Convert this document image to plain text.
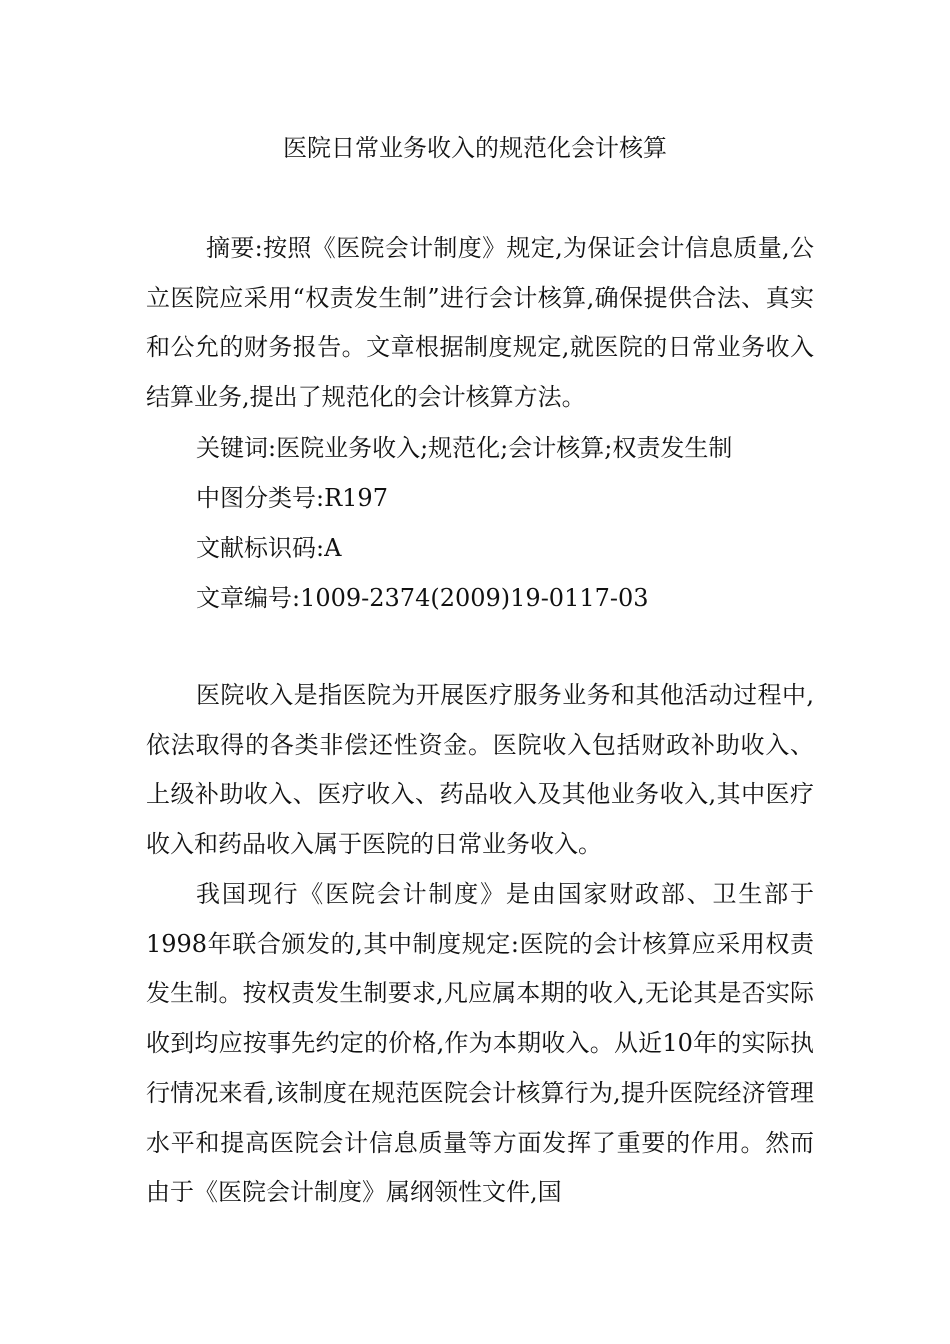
医院日常业务收入的规范化会计核算
摘要:按照《医院会计制度》规定,为保证会计信息质量,公立医院应采用“权责发生制”进行会计核算,确保提供合法、真实和公允的财务报告。文章根据制度规定,就医院的日常业务收入结算业务,提出了规范化的会计核算方法。
关键词:医院业务收入;规范化;会计核算;权责发生制
中图分类号:R197
文献标识码:A
文章编号:1009-2374(2009)19-0117-03
医院收入是指医院为开展医疗服务业务和其他活动过程中,依法取得的各类非偿还性资金。医院收入包括财政补助收入、上级补助收入、医疗收入、药品收入及其他业务收入,其中医疗收入和药品收入属于医院的日常业务收入。
我国现行《医院会计制度》是由国家财政部、卫生部于1998年联合颁发的,其中制度规定:医院的会计核算应采用权责发生制。按权责发生制要求,凡应属本期的收入,无论其是否实际收到均应按事先约定的价格,作为本期收入。从近10年的实际执行情况来看,该制度在规范医院会计核算行为,提升医院经济管理水平和提高医院会计信息质量等方面发挥了重要的作用。然而由于《医院会计制度》属纲领性文件,国
